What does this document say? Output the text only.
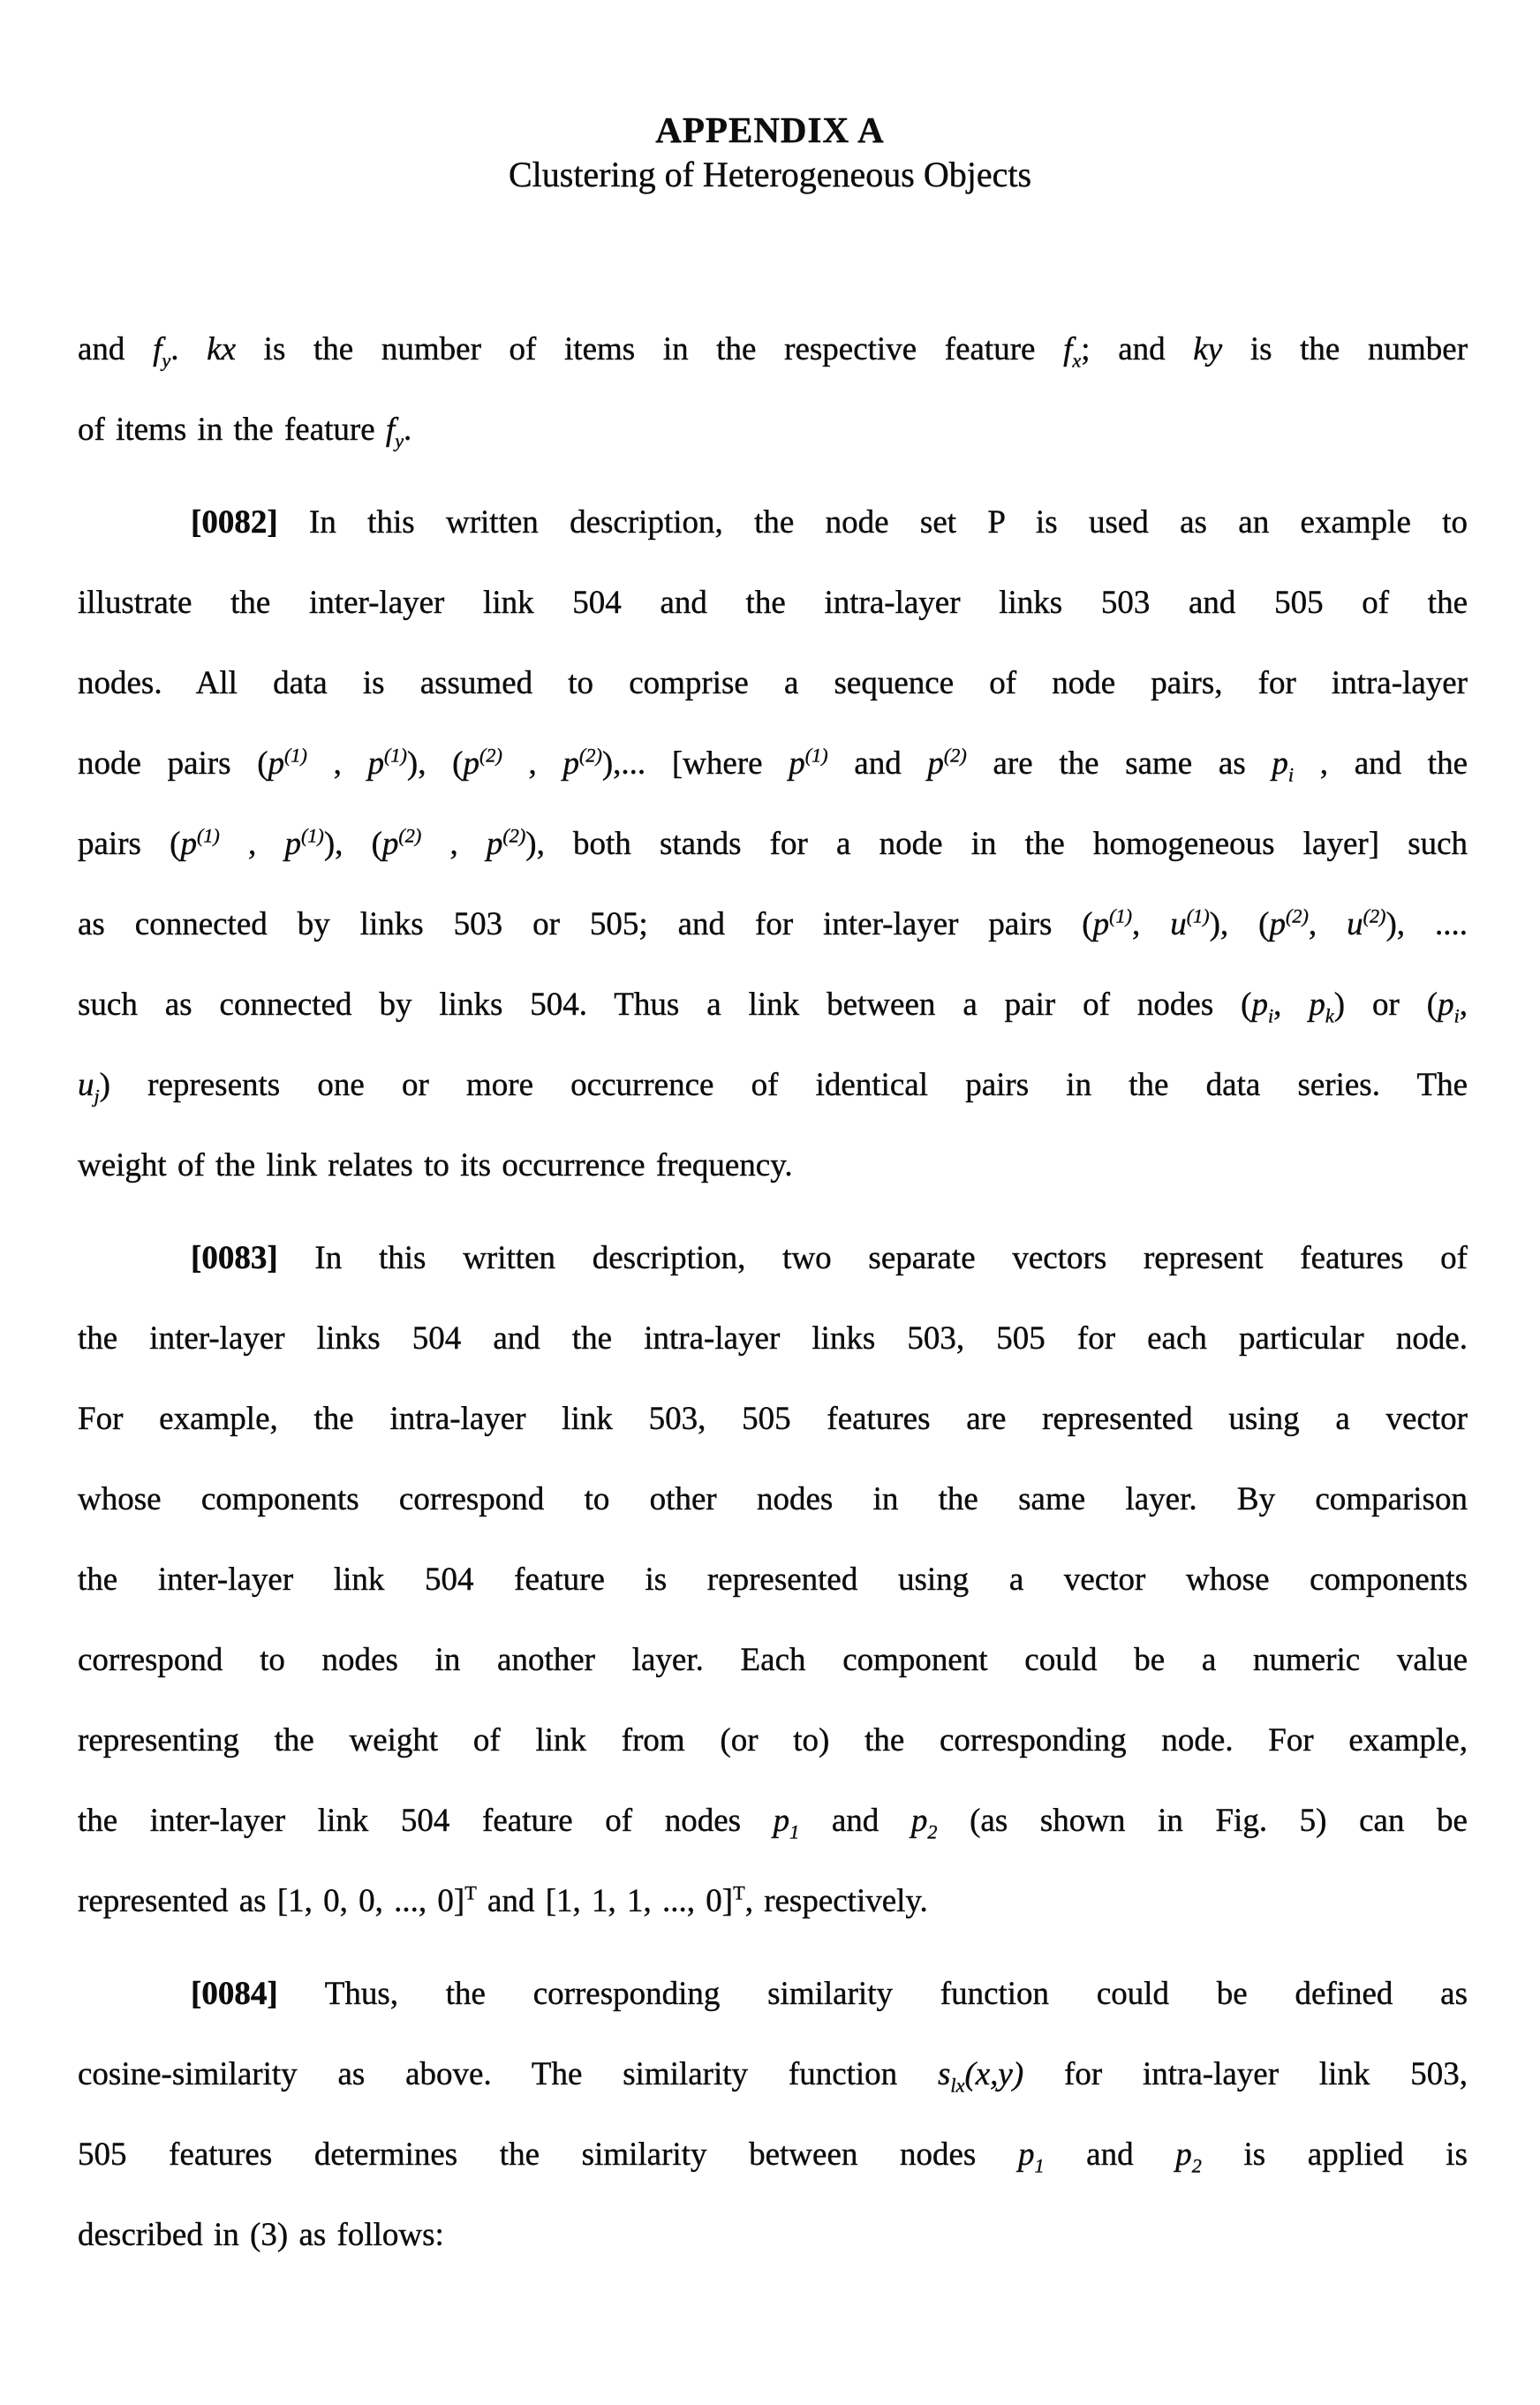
APPENDIX A
Clustering of Heterogeneous Objects
and $f_y$. kx is the number of items in the respective feature $f_x$; and ky is the number
of items in the feature $f_y$.
[0082] In this written description, the node set P is used as an example to
illustrate the inter-layer link 504 and the intra-layer links 503 and 505 of the
nodes. All data is assumed to comprise a sequence of node pairs, for intra-layer
node pairs ($p^{(1)}$ , $p^{(1)}$), ($p^{(2)}$ , $p^{(2)}$),... [where $p^{(1)}$ and $p^{(2)}$ are the same as $p_i$ , and the
pairs ($p^{(1)}$ , $p^{(1)}$), ($p^{(2)}$ , $p^{(2)}$), both stands for a node in the homogeneous layer] such
as connected by links 503 or 505; and for inter-layer pairs ($p^{(1)}$, $u^{(1)}$), ($p^{(2)}$, $u^{(2)}$), ....
such as connected by links 504. Thus a link between a pair of nodes ($p_i$, $p_k$) or ($p_i$,
$u_j$) represents one or more occurrence of identical pairs in the data series. The
weight of the link relates to its occurrence frequency.
[0083] In this written description, two separate vectors represent features of
the inter-layer links 504 and the intra-layer links 503, 505 for each particular node.
For example, the intra-layer link 503, 505 features are represented using a vector
whose components correspond to other nodes in the same layer. By comparison
the inter-layer link 504 feature is represented using a vector whose components
correspond to nodes in another layer. Each component could be a numeric value
representing the weight of link from (or to) the corresponding node. For example,
the inter-layer link 504 feature of nodes $p_1$ and $p_2$ (as shown in Fig. 5) can be
represented as [1, 0, 0, ..., 0]$^T$ and [1, 1, 1, ..., 0]$^T$, respectively.
[0084] Thus, the corresponding similarity function could be defined as
cosine-similarity as above. The similarity function $s_{lx}(x,y)$ for intra-layer link 503,
505 features determines the similarity between nodes $p_1$ and $p_2$ is applied is
described in (3) as follows:
